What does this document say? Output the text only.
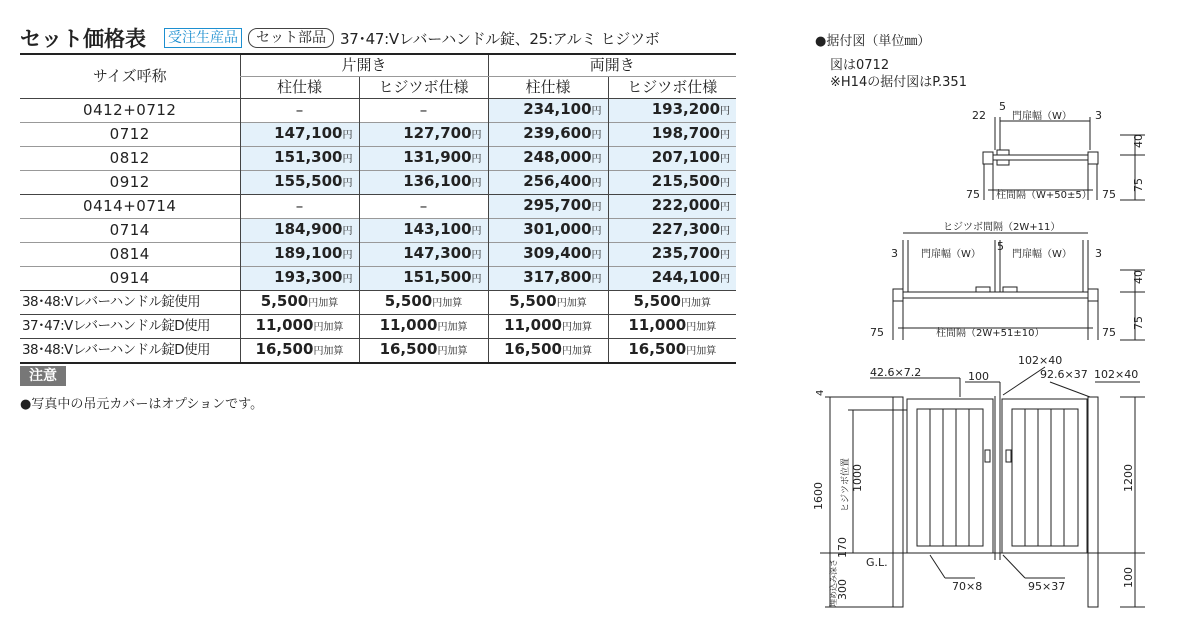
セット価格表 受注生産品	セット部品 37･47:Vレバーハンドル錠、25:アルミ ヒジツボ
サイズ呼称	片開き		両開き	
	柱仕様	ヒジツボ仕様	柱仕様	ヒジツボ仕様
0412+0712	–	–	234,100円	193,200円
0712	147,100円	127,700円	239,600円	198,700円
0812	151,300円	131,900円	248,000円	207,100円
0912	155,500円	136,100円	256,400円	215,500円
0414+0714	–	–	295,700円	222,000円
0714	184,900円	143,100円	301,000円	227,300円
0814	189,100円	147,300円	309,400円	235,700円
0914	193,300円	151,500円	317,800円	244,100円
38･48:Vレバーハンドル錠使用	5,500円加算	5,500円加算	5,500円加算	5,500円加算
37･47:Vレバーハンドル錠D使用	11,000円加算	11,000円加算	11,000円加算	11,000円加算
38･48:Vレバーハンドル錠D使用	16,500円加算	16,500円加算	16,500円加算	16,500円加算
注意
●写真中の吊元カバーはオプションです。
●据付図（単位㎜）
図は0712
※H14の据付図はP.351
22
5
門扉幅（W） 3
40
75 柱間隔（W+50±5） 75
75
ヒジツボ間隔（2W+11）
3 門扉幅（W）
5
門扉幅（W） 3
40
75	柱間隔（2W+51±10）	75
75
4
42.6×7.2	100
102×40
92.6×37 102×40
ヒジツボ位置 1000
1600
1200
170
G.L.
70×8	95×37
埋め込み深さ
300
100
